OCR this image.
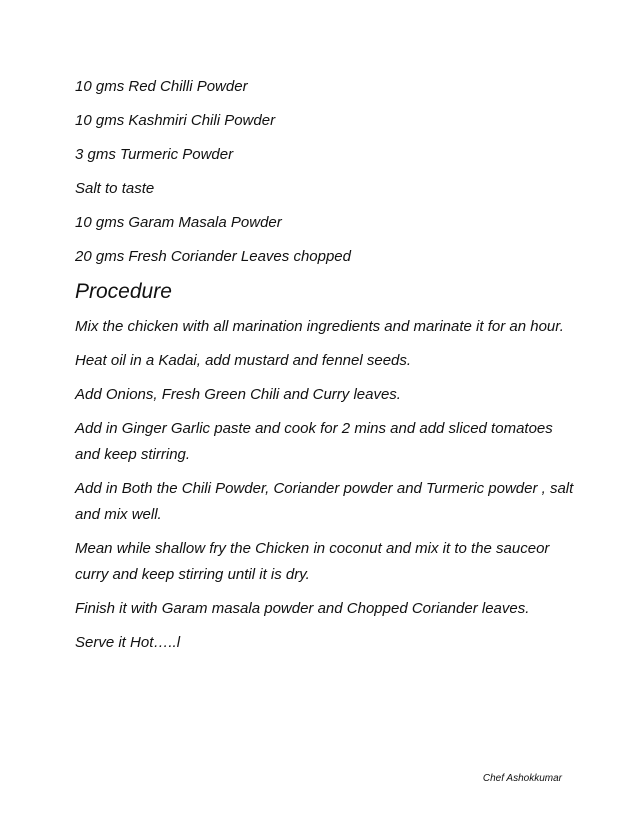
10 gms Red Chilli Powder

10 gms Kashmiri Chili Powder

3 gms Turmeric Powder

Salt to taste

10 gms Garam Masala Powder

20 gms Fresh Coriander Leaves chopped

Procedure

Mix the chicken with all marination ingredients and marinate it for an hour.

Heat oil in a Kadai, add mustard and fennel seeds.

Add Onions, Fresh Green Chili and Curry leaves.

Add in Ginger Garlic paste and cook for 2 mins and add sliced tomatoes and keep stirring.

Add in Both the Chili Powder, Coriander powder and Turmeric powder , salt and mix well.

Mean while shallow fry the Chicken in coconut and mix it to the sauceor curry and keep stirring until it is dry.

Finish it with Garam masala powder and Chopped Coriander leaves.

Serve it Hot…..l

Chef Ashokkumar
